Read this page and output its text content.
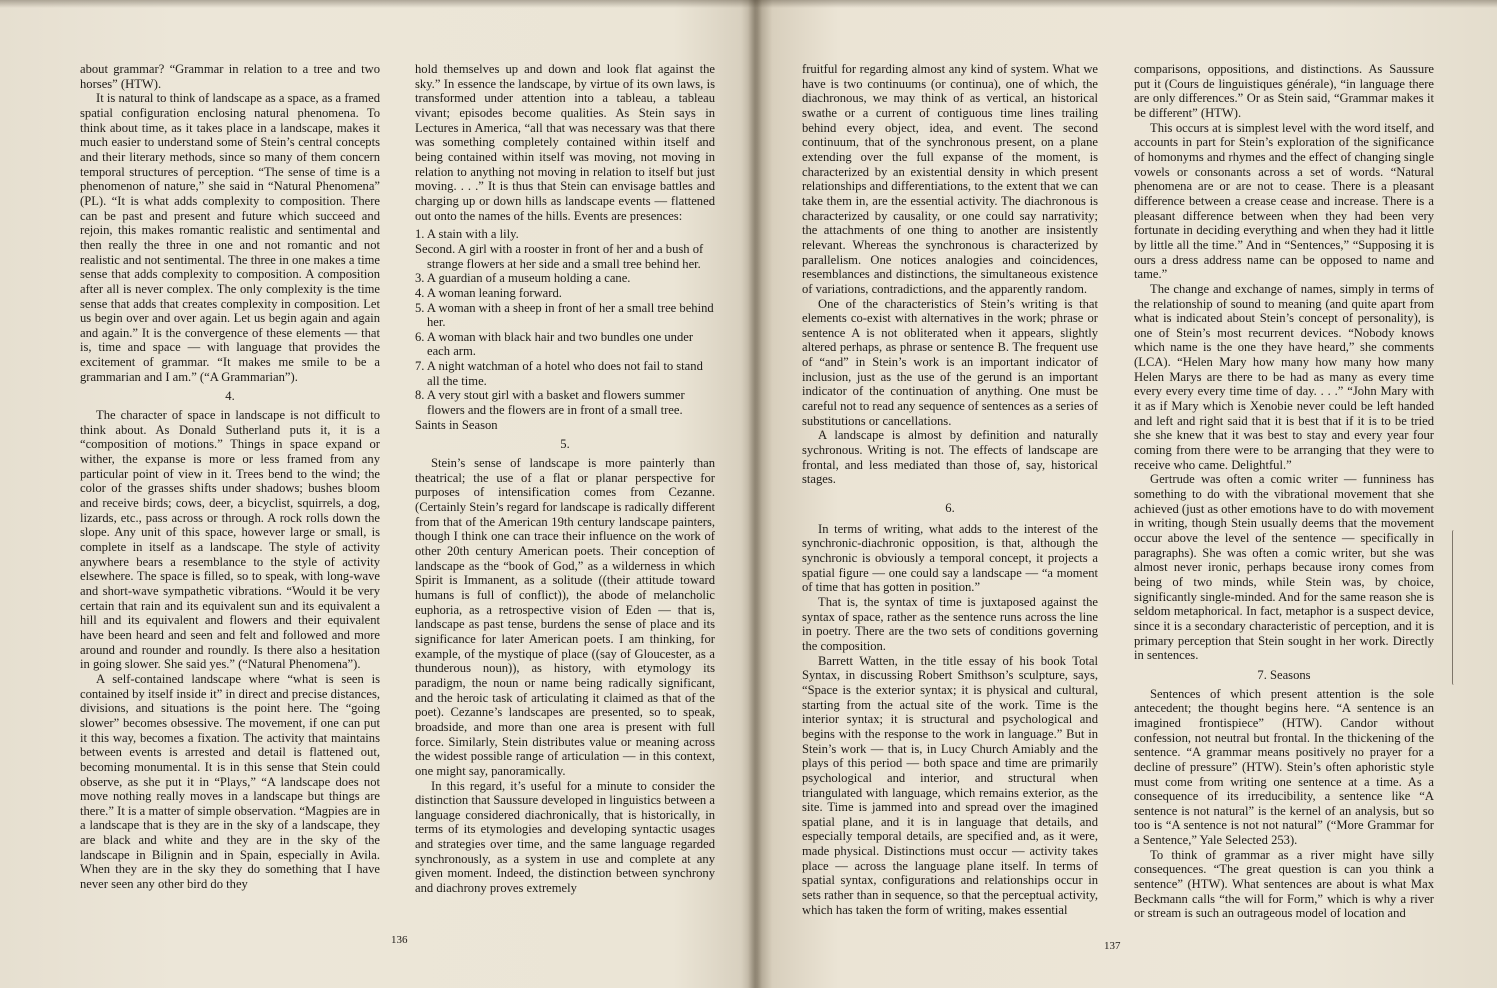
about grammar? “Grammar in relation to a tree and two horses” (HTW).

It is natural to think of landscape as a space, as a framed spatial configuration enclosing natural phenomena. To think about time, as it takes place in a landscape, makes it much easier to understand some of Stein’s central concepts and their literary methods, since so many of them concern temporal structures of perception. “The sense of time is a phenomenon of nature,” she said in “Natural Phenomena” (PL). “It is what adds complexity to composition. There can be past and present and future which succeed and rejoin, this makes romantic realistic and sentimental and then really the three in one and not romantic and not realistic and not sentimental. The three in one makes a time sense that adds complexity to composition. A composition after all is never complex. The only complexity is the time sense that adds that creates complexity in composition. Let us begin over and over again. Let us begin again and again and again.” It is the convergence of these elements — that is, time and space — with language that provides the excitement of grammar. “It makes me smile to be a grammarian and I am.” (“A Grammarian”).

4.

The character of space in landscape is not difficult to think about. As Donald Sutherland puts it, it is a “composition of motions.” Things in space expand or wither, the expanse is more or less framed from any particular point of view in it. Trees bend to the wind; the color of the grasses shifts under shadows; bushes bloom and receive birds; cows, deer, a bicyclist, squirrels, a dog, lizards, etc., pass across or through. A rock rolls down the slope. Any unit of this space, however large or small, is complete in itself as a landscape. The style of activity anywhere bears a resemblance to the style of activity elsewhere. The space is filled, so to speak, with long-wave and short-wave sympathetic vibrations. “Would it be very certain that rain and its equivalent sun and its equivalent a hill and its equivalent and flowers and their equivalent have been heard and seen and felt and followed and more around and rounder and roundly. Is there also a hesitation in going slower. She said yes.” (“Natural Phenomena”).

A self-contained landscape where “what is seen is contained by itself inside it” in direct and precise distances, divisions, and situations is the point here. The “going slower” becomes obsessive. The movement, if one can put it this way, becomes a fixation. The activity that maintains between events is arrested and detail is flattened out, becoming monumental. It is in this sense that Stein could observe, as she put it in “Plays,” “A landscape does not move nothing really moves in a landscape but things are there.” It is a matter of simple observation. “Magpies are in a landscape that is they are in the sky of a landscape, they are black and white and they are in the sky of the landscape in Bilignin and in Spain, especially in Avila. When they are in the sky they do something that I have never seen any other bird do they

hold themselves up and down and look flat against the sky.” In essence the landscape, by virtue of its own laws, is transformed under attention into a tableau, a tableau vivant; episodes become qualities. As Stein says in Lectures in America, “all that was necessary was that there was something completely contained within itself and being contained within itself was moving, not moving in relation to anything not moving in relation to itself but just moving. . . .” It is thus that Stein can envisage battles and charging up or down hills as landscape events — flattened out onto the names of the hills. Events are presences:

1. A stain with a lily.
Second. A girl with a rooster in front of her and a bush of strange flowers at her side and a small tree behind her.
3. A guardian of a museum holding a cane.
4. A woman leaning forward.
5. A woman with a sheep in front of her a small tree behind her.
6. A woman with black hair and two bundles one under each arm.
7. A night watchman of a hotel who does not fail to stand all the time.
8. A very stout girl with a basket and flowers summer flowers and the flowers are in front of a small tree.
Saints in Season

5.

Stein’s sense of landscape is more painterly than theatrical; the use of a flat or planar perspective for purposes of intensification comes from Cezanne. (Certainly Stein’s regard for landscape is radically different from that of the American 19th century landscape painters, though I think one can trace their influence on the work of other 20th century American poets. Their conception of landscape as the “book of God,” as a wilderness in which Spirit is Immanent, as a solitude ((their attitude toward humans is full of conflict)), the abode of melancholic euphoria, as a retrospective vision of Eden — that is, landscape as past tense, burdens the sense of place and its significance for later American poets. I am thinking, for example, of the mystique of place ((say of Gloucester, as a thunderous noun)), as history, with etymology its paradigm, the noun or name being radically significant, and the heroic task of articulating it claimed as that of the poet). Cezanne’s landscapes are presented, so to speak, broadside, and more than one area is present with full force. Similarly, Stein distributes value or meaning across the widest possible range of articulation — in this context, one might say, panoramically.

In this regard, it’s useful for a minute to consider the distinction that Saussure developed in linguistics between a language considered diachronically, that is historically, in terms of its etymologies and developing syntactic usages and strategies over time, and the same language regarded synchronously, as a system in use and complete at any given moment. Indeed, the distinction between synchrony and diachrony proves extremely

fruitful for regarding almost any kind of system. What we have is two continuums (or continua), one of which, the diachronous, we may think of as vertical, an historical swathe or a current of contiguous time lines trailing behind every object, idea, and event. The second continuum, that of the synchronous present, on a plane extending over the full expanse of the moment, is characterized by an existential density in which present relationships and differentiations, to the extent that we can take them in, are the essential activity. The diachronous is characterized by causality, or one could say narrativity; the attachments of one thing to another are insistently relevant. Whereas the synchronous is characterized by parallelism. One notices analogies and coincidences, resemblances and distinctions, the simultaneous existence of variations, contradictions, and the apparently random.

One of the characteristics of Stein’s writing is that elements co-exist with alternatives in the work; phrase or sentence A is not obliterated when it appears, slightly altered perhaps, as phrase or sentence B. The frequent use of “and” in Stein’s work is an important indicator of inclusion, just as the use of the gerund is an important indicator of the continuation of anything. One must be careful not to read any sequence of sentences as a series of substitutions or cancellations.

A landscape is almost by definition and naturally sychronous. Writing is not. The effects of landscape are frontal, and less mediated than those of, say, historical stages.

6.

In terms of writing, what adds to the interest of the synchronic-diachronic opposition, is that, although the synchronic is obviously a temporal concept, it projects a spatial figure — one could say a landscape — “a moment of time that has gotten in position.”

That is, the syntax of time is juxtaposed against the syntax of space, rather as the sentence runs across the line in poetry. There are the two sets of conditions governing the composition.

Barrett Watten, in the title essay of his book Total Syntax, in discussing Robert Smithson’s sculpture, says, “Space is the exterior syntax; it is physical and cultural, starting from the actual site of the work. Time is the interior syntax; it is structural and psychological and begins with the response to the work in language.” But in Stein’s work — that is, in Lucy Church Amiably and the plays of this period — both space and time are primarily psychological and interior, and structural when triangulated with language, which remains exterior, as the site. Time is jammed into and spread over the imagined spatial plane, and it is in language that details, and especially temporal details, are specified and, as it were, made physical. Distinctions must occur — activity takes place — across the language plane itself. In terms of spatial syntax, configurations and relationships occur in sets rather than in sequence, so that the perceptual activity, which has taken the form of writing, makes essential

comparisons, oppositions, and distinctions. As Saussure put it (Cours de linguistiques générale), “in language there are only differences.” Or as Stein said, “Grammar makes it be different” (HTW).

This occurs at is simplest level with the word itself, and accounts in part for Stein’s exploration of the significance of homonyms and rhymes and the effect of changing single vowels or consonants across a set of words. “Natural phenomena are or are not to cease. There is a pleasant difference between a crease cease and increase. There is a pleasant difference between when they had been very fortunate in deciding everything and when they had it little by little all the time.” And in “Sentences,” “Supposing it is ours a dress address name can be opposed to name and tame.”

The change and exchange of names, simply in terms of the relationship of sound to meaning (and quite apart from what is indicated about Stein’s concept of personality), is one of Stein’s most recurrent devices. “Nobody knows which name is the one they have heard,” she comments (LCA). “Helen Mary how many how many how many Helen Marys are there to be had as many as every time every every every time time of day. . . .” “John Mary with it as if Mary which is Xenobie never could be left handed and left and right said that it is best that if it is to be tried she she knew that it was best to stay and every year four coming from there were to be arranging that they were to receive who came. Delightful.”

Gertrude was often a comic writer — funniness has something to do with the vibrational movement that she achieved (just as other emotions have to do with movement in writing, though Stein usually deems that the movement occur above the level of the sentence — specifically in paragraphs). She was often a comic writer, but she was almost never ironic, perhaps because irony comes from being of two minds, while Stein was, by choice, significantly single-minded. And for the same reason she is seldom metaphorical. In fact, metaphor is a suspect device, since it is a secondary characteristic of perception, and it is primary perception that Stein sought in her work. Directly in sentences.

7. Seasons

Sentences of which present attention is the sole antecedent; the thought begins here. “A sentence is an imagined frontispiece” (HTW). Candor without confession, not neutral but frontal. In the thickening of the sentence. “A grammar means positively no prayer for a decline of pressure” (HTW). Stein’s often aphoristic style must come from writing one sentence at a time. As a consequence of its irreducibility, a sentence like “A sentence is not natural” is the kernel of an analysis, but so too is “A sentence is not not natural” (“More Grammar for a Sentence,” Yale Selected 253).

To think of grammar as a river might have silly consequences. “The great question is can you think a sentence” (HTW). What sentences are about is what Max Beckmann calls “the will for Form,” which is why a river or stream is such an outrageous model of location and

136	137
